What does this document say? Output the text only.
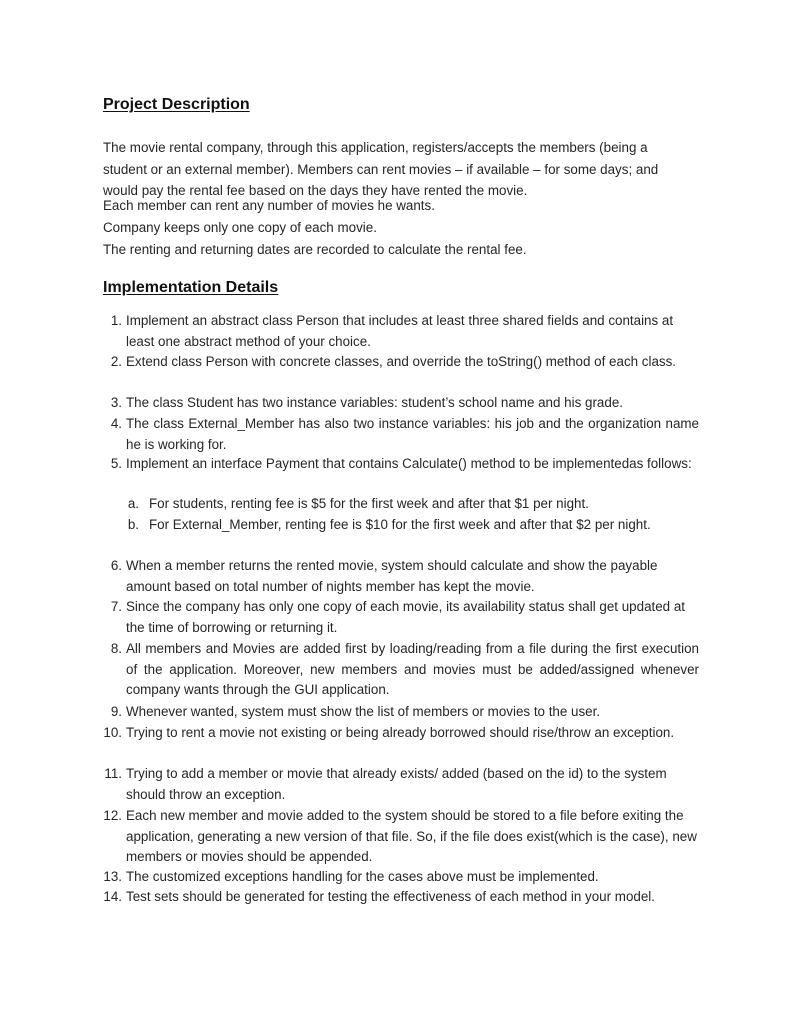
Project Description

The movie rental company, through this application, registers/accepts the members (being a student or an external member). Members can rent movies – if available – for some days; and would pay the rental fee based on the days they have rented the movie.

Each member can rent any number of movies he wants.
Company keeps only one copy of each movie.
The renting and returning dates are recorded to calculate the rental fee.
Implementation Details
1. Implement an abstract class Person that includes at least three shared fields and contains at least one abstract method of your choice.
2. Extend class Person with concrete classes, and override the toString() method of each class.
3. The class Student has two instance variables: student’s school name and his grade.
4. The class External_Member has also two instance variables: his job and the organization name he is working for.
5. Implement an interface Payment that contains Calculate() method to be implementedas follows:
a. For students, renting fee is $5 for the first week and after that $1 per night.
b. For External_Member, renting fee is $10 for the first week and after that $2 per night.
6. When a member returns the rented movie, system should calculate and show the payable amount based on total number of nights member has kept the movie.
7. Since the company has only one copy of each movie, its availability status shall get updated at the time of borrowing or returning it.
8. All members and Movies are added first by loading/reading from a file during the first execution of the application. Moreover, new members and movies must be added/assigned whenever company wants through the GUI application.
9. Whenever wanted, system must show the list of members or movies to the user.
10. Trying to rent a movie not existing or being already borrowed should rise/throw an exception.
11. Trying to add a member or movie that already exists/ added (based on the id) to the system should throw an exception.
12. Each new member and movie added to the system should be stored to a file before exiting the application, generating a new version of that file. So, if the file does exist(which is the case), new members or movies should be appended.
13. The customized exceptions handling for the cases above must be implemented.
14. Test sets should be generated for testing the effectiveness of each method in your model.
